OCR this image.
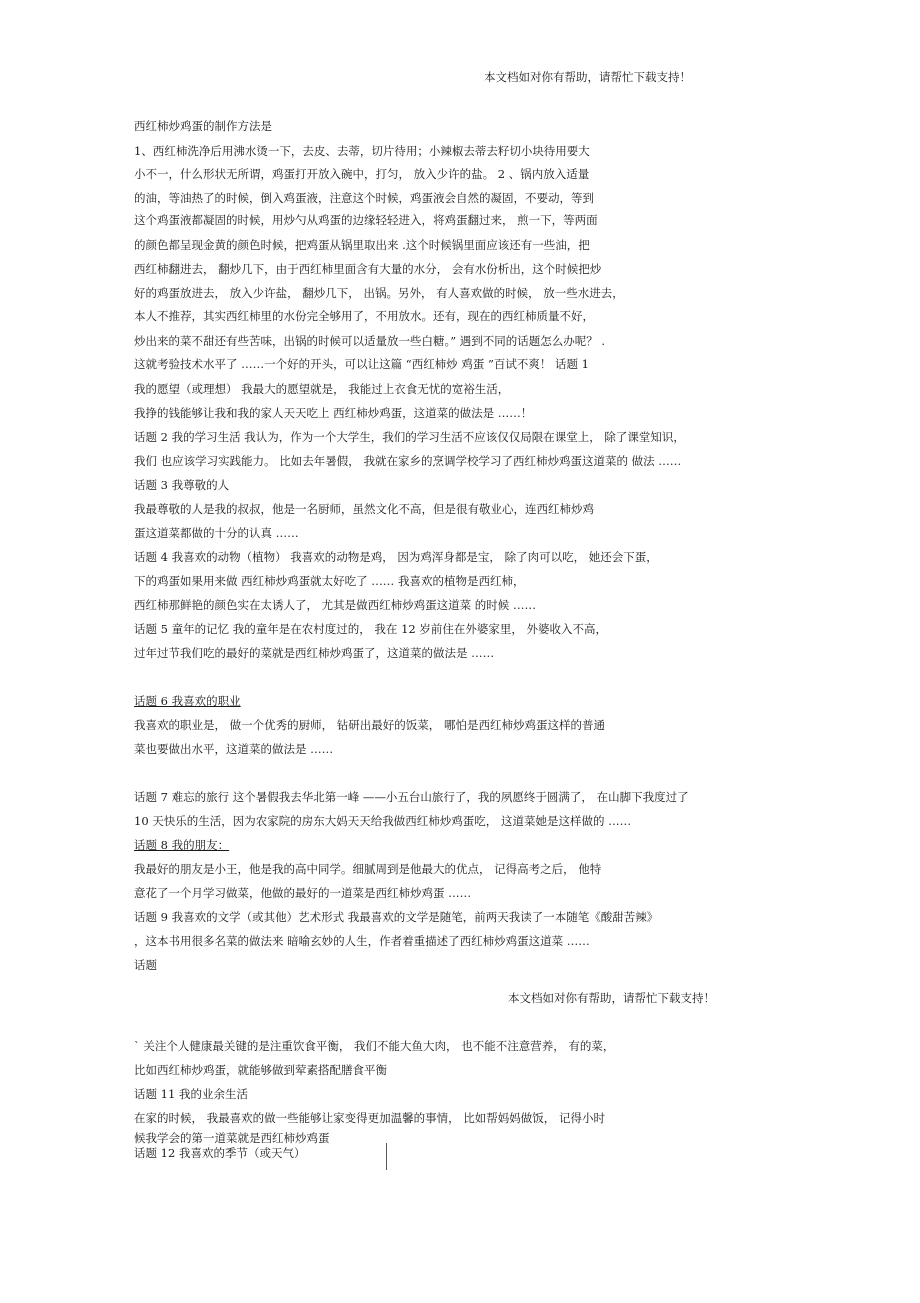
本文档如对你有帮助，请帮忙下载支持！

西红柿炒鸡蛋的制作方法是

1、西红柿洗净后用沸水烫一下，去皮、去蒂，切片待用；小辣椒去蒂去籽切小块待用要大

小不一，什么形状无所谓，鸡蛋打开放入碗中，打匀， 放入少许的盐。 2 、锅内放入适量

的油，等油热了的时候，倒入鸡蛋液，注意这个时候，鸡蛋液会自然的凝固，不要动，等到

这个鸡蛋液都凝固的时候，用炒勺从鸡蛋的边缘轻轻进入，将鸡蛋翻过来， 煎一下，等两面

的颜色都呈现金黄的颜色时候，把鸡蛋从锅里取出来 .这个时候锅里面应该还有一些油，把

西红柿翻进去， 翻炒几下，由于西红柿里面含有大量的水分， 会有水份析出，这个时候把炒

好的鸡蛋放进去， 放入少许盐， 翻炒几下， 出锅。另外， 有人喜欢做的时候， 放一些水进去，

本人不推荐，其实西红柿里的水份完全够用了，不用放水。还有，现在的西红柿质量不好，

炒出来的菜不甜还有些苦味，出锅的时候可以适量放一些白糖。” 遇到不同的话题怎么办呢？ .

这就考验技术水平了 ……一个好的开头，可以让这篇 “西红柿炒 鸡蛋 ”百试不爽！ 话题 1

我的愿望（或理想） 我最大的愿望就是， 我能过上衣食无忧的宽裕生活，

我挣的钱能够让我和我的家人天天吃上 西红柿炒鸡蛋，这道菜的做法是 ……！

话题 2 我的学习生活 我认为，作为一个大学生，我们的学习生活不应该仅仅局限在课堂上， 除了课堂知识，

我们 也应该学习实践能力。 比如去年暑假， 我就在家乡的烹调学校学习了西红柿炒鸡蛋这道菜的 做法 ……

话题 3 我尊敬的人

我最尊敬的人是我的叔叔，他是一名厨师，虽然文化不高，但是很有敬业心，连西红柿炒鸡

蛋这道菜都做的十分的认真 ……

话题 4 我喜欢的动物（植物） 我喜欢的动物是鸡， 因为鸡浑身都是宝， 除了肉可以吃， 她还会下蛋，

下的鸡蛋如果用来做 西红柿炒鸡蛋就太好吃了 …… 我喜欢的植物是西红柿，

西红柿那鲜艳的颜色实在太诱人了， 尤其是做西红柿炒鸡蛋这道菜 的时候 ……

话题 5 童年的记忆 我的童年是在农村度过的， 我在 12 岁前住在外婆家里， 外婆收入不高，

过年过节我们吃的最好的菜就是西红柿炒鸡蛋了，这道菜的做法是 ……

话题 6 我喜欢的职业

我喜欢的职业是， 做一个优秀的厨师， 钻研出最好的饭菜， 哪怕是西红柿炒鸡蛋这样的普通

菜也要做出水平，这道菜的做法是 ……

话题 7 难忘的旅行 这个暑假我去华北第一峰 ——小五台山旅行了，我的夙愿终于圆满了， 在山脚下我度过了

10 天快乐的生活，因为农家院的房东大妈天天给我做西红柿炒鸡蛋吃， 这道菜她是这样做的 ……

话题 8 我的朋友：

我最好的朋友是小王，他是我的高中同学。细腻周到是他最大的优点， 记得高考之后， 他特

意花了一个月学习做菜，他做的最好的一道菜是西红柿炒鸡蛋 ……

话题 9 我喜欢的文学（或其他）艺术形式 我最喜欢的文学是随笔，前两天我读了一本随笔《酸甜苦辣》

，这本书用很多名菜的做法来 暗喻玄妙的人生，作者着重描述了西红柿炒鸡蛋这道菜 ……

话题

本文档如对你有帮助，请帮忙下载支持！

` 关注个人健康最关键的是注重饮食平衡， 我们不能大鱼大肉， 也不能不注意营养， 有的菜，

比如西红柿炒鸡蛋，就能够做到荤素搭配膳食平衡

话题 11 我的业余生活

在家的时候， 我最喜欢的做一些能够让家变得更加温馨的事情， 比如帮妈妈做饭， 记得小时

候我学会的第一道菜就是西红柿炒鸡蛋

话题 12 我喜欢的季节（或天气）
